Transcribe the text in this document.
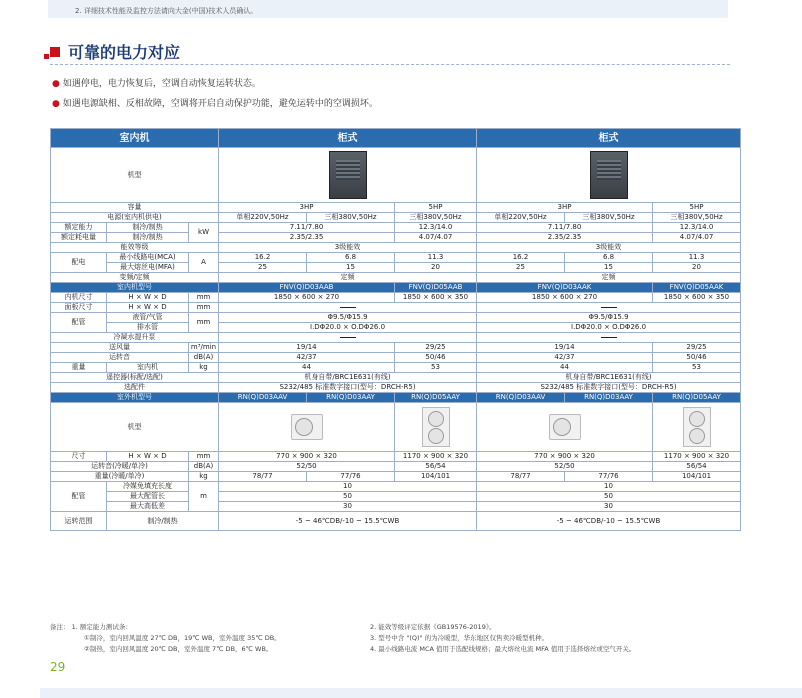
2. 详细技术性能及监控方法请向大金(中国)技术人员确认。
可靠的电力对应
● 如遇停电，电力恢复后，空调自动恢复运转状态。
● 如遇电源缺相、反相故障，空调将开启自动保护功能，避免运转中的空调损坏。
室内机			柜式			柜式		
机型							

容量			3HP		5HP	3HP		5HP
电源(室内机供电)			单相220V,50Hz	三相380V,50Hz	三相380V,50Hz	单相220V,50Hz	三相380V,50Hz	三相380V,50Hz
额定能力	制冷/制热	kW	7.11/7.80		12.3/14.0	7.11/7.80		12.3/14.0
额定耗电量	制冷/制热		2.35/2.35		4.07/4.07	2.35/2.35		4.07/4.07
能效等级			3级能效			3级能效		
配电	最小线路电(MCA)	A	16.2	6.8	11.3	16.2	6.8	11.3
	最大熔丝电(MFA)		25	15	20	25	15	20
变频/定频			定频			定频		
室内机型号			FNV(Q)D03AAB		FNV(Q)D05AAB	FNV(Q)D03AAK		FNV(Q)D05AAK
内机尺寸	H × W × D	mm	1850 × 600 × 270		1850 × 600 × 350	1850 × 600 × 270		1850 × 600 × 350
面板尺寸	H × W × D	mm						
配管	液管/气管	mm	Φ9.5/Φ15.9			Φ9.5/Φ15.9		
	排水管		I.DΦ20.0 × O.DΦ26.0			I.DΦ20.0 × O.DΦ26.0		
冷凝水提升泵								
送风量		m³/min	19/14		29/25	19/14		29/25
运转音		dB(A)	42/37		50/46	42/37		50/46
重量	室内机	kg	44		53	44		53
遥控器(标配/选配)			机身自带/BRC1E631(有线)			机身自带/BRC1E631(有线)		
选配件			S232/485 标准数字接口(型号：DRCH-R5)			S232/485 标准数字接口(型号：DRCH-R5)		
室外机型号			RN(Q)D03AAV	RN(Q)D03AAY	RN(Q)D05AAY	RN(Q)D03AAV	RN(Q)D03AAY	RN(Q)D05AAY
机型					

尺寸	H × W × D	mm	770 × 900 × 320		1170 × 900 × 320	770 × 900 × 320		1170 × 900 × 320
运转音(冷暖/单冷)		dB(A)	52/50		56/54	52/50		56/54
重量(冷暖/单冷)		kg	78/77	77/76	104/101	78/77	77/76	104/101
配管	冷媒免填充长度	m	10			10		
	最大配管长		50			50		
	最大高低差		30			30		
运转范围	制冷/制热		-5 ~ 46℃DB/-10 ~ 15.5℃WB			-5 ~ 46℃DB/-10 ~ 15.5℃WB		
备注： 1. 额定能力测试条：
①制冷，室内回风温度 27℃ DB，19℃ WB，室外温度 35℃ DB。
②制热，室内回风温度 20℃ DB，室外温度 7℃ DB，6℃ WB。
2. 能效等级评定依据《GB19576-2019》。
3. 型号中含 "(Q)" 的为冷暖型，华东地区仅售卖冷暖型机种。
4. 最小线路电流 MCA 值用于选配线规格；最大熔丝电流 MFA 值用于选择熔丝或空气开关。
29
